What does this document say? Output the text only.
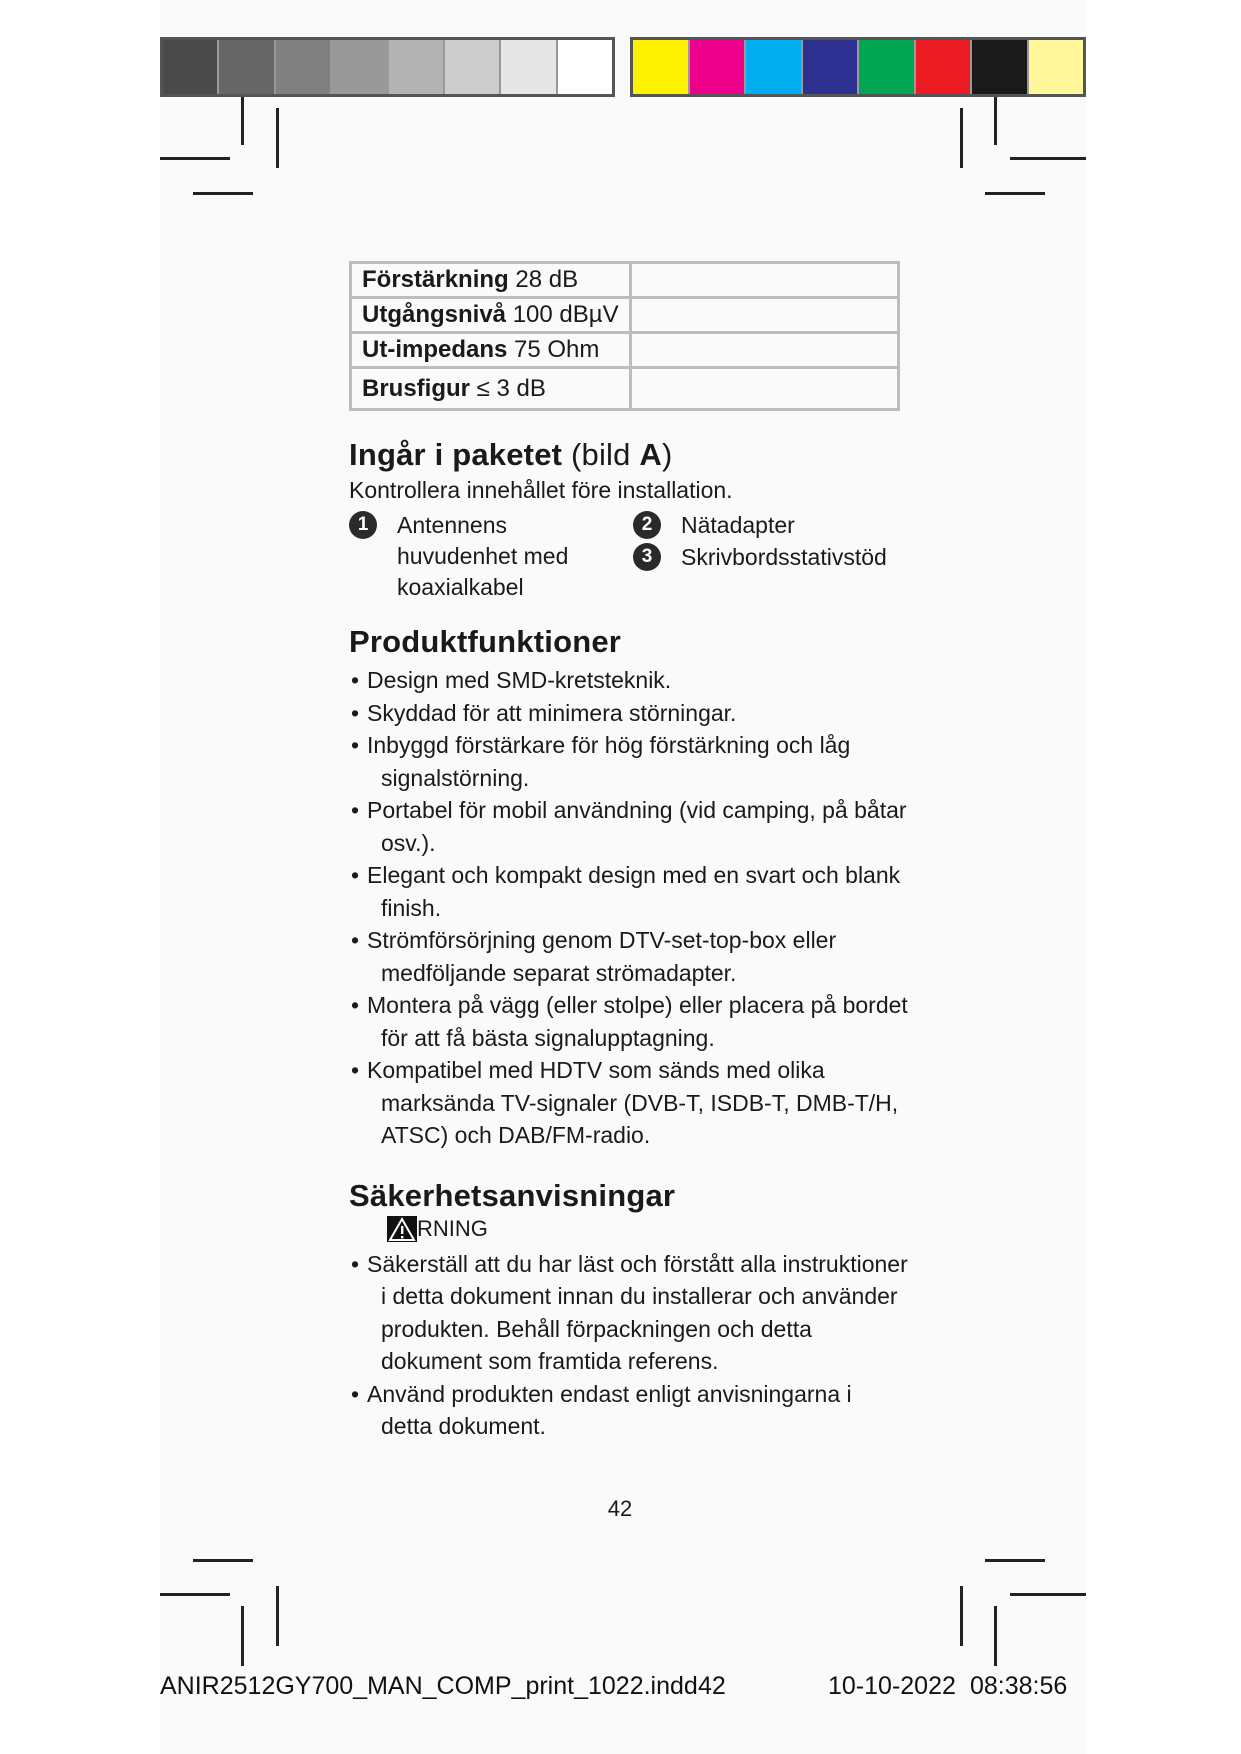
Förstärkning 28 dB	
Utgångsnivå 100 dBµV	
Ut-impedans 75 Ohm	
Brusfigur ≤ 3 dB	
Ingår i paketet (bild A)

Kontrollera innehållet före installation.

1	Antennens
huvudenhet med
koaxialkabel
2	Nätadapter
3	Skrivbordsstativstöd
Produktfunktioner
• Design med SMD-kretsteknik.
• Skyddad för att minimera störningar.
• Inbyggd förstärkare för hög förstärkning och låg signalstörning.
• Portabel för mobil användning (vid camping, på båtar osv.).
• Elegant och kompakt design med en svart och blank finish.
• Strömförsörjning genom DTV-set-top-box eller medföljande separat strömadapter.
• Montera på vägg (eller stolpe) eller placera på bordet för att få bästa signalupptagning.
• Kompatibel med HDTV som sänds med olika marksända TV-signaler (DVB-T, ISDB-T, DMB-T/H, ATSC) och DAB/FM-radio.
Säkerhetsanvisningar
RNING
• Säkerställ att du har läst och förstått alla instruktioner i detta dokument innan du installerar och använder produkten. Behåll förpackningen och detta dokument som framtida referens.
• Använd produkten endast enligt anvisningarna i detta dokument.
42
ANIR2512GY700_MAN_COMP_print_1022.indd 42	10-10-2022 08:38:56
